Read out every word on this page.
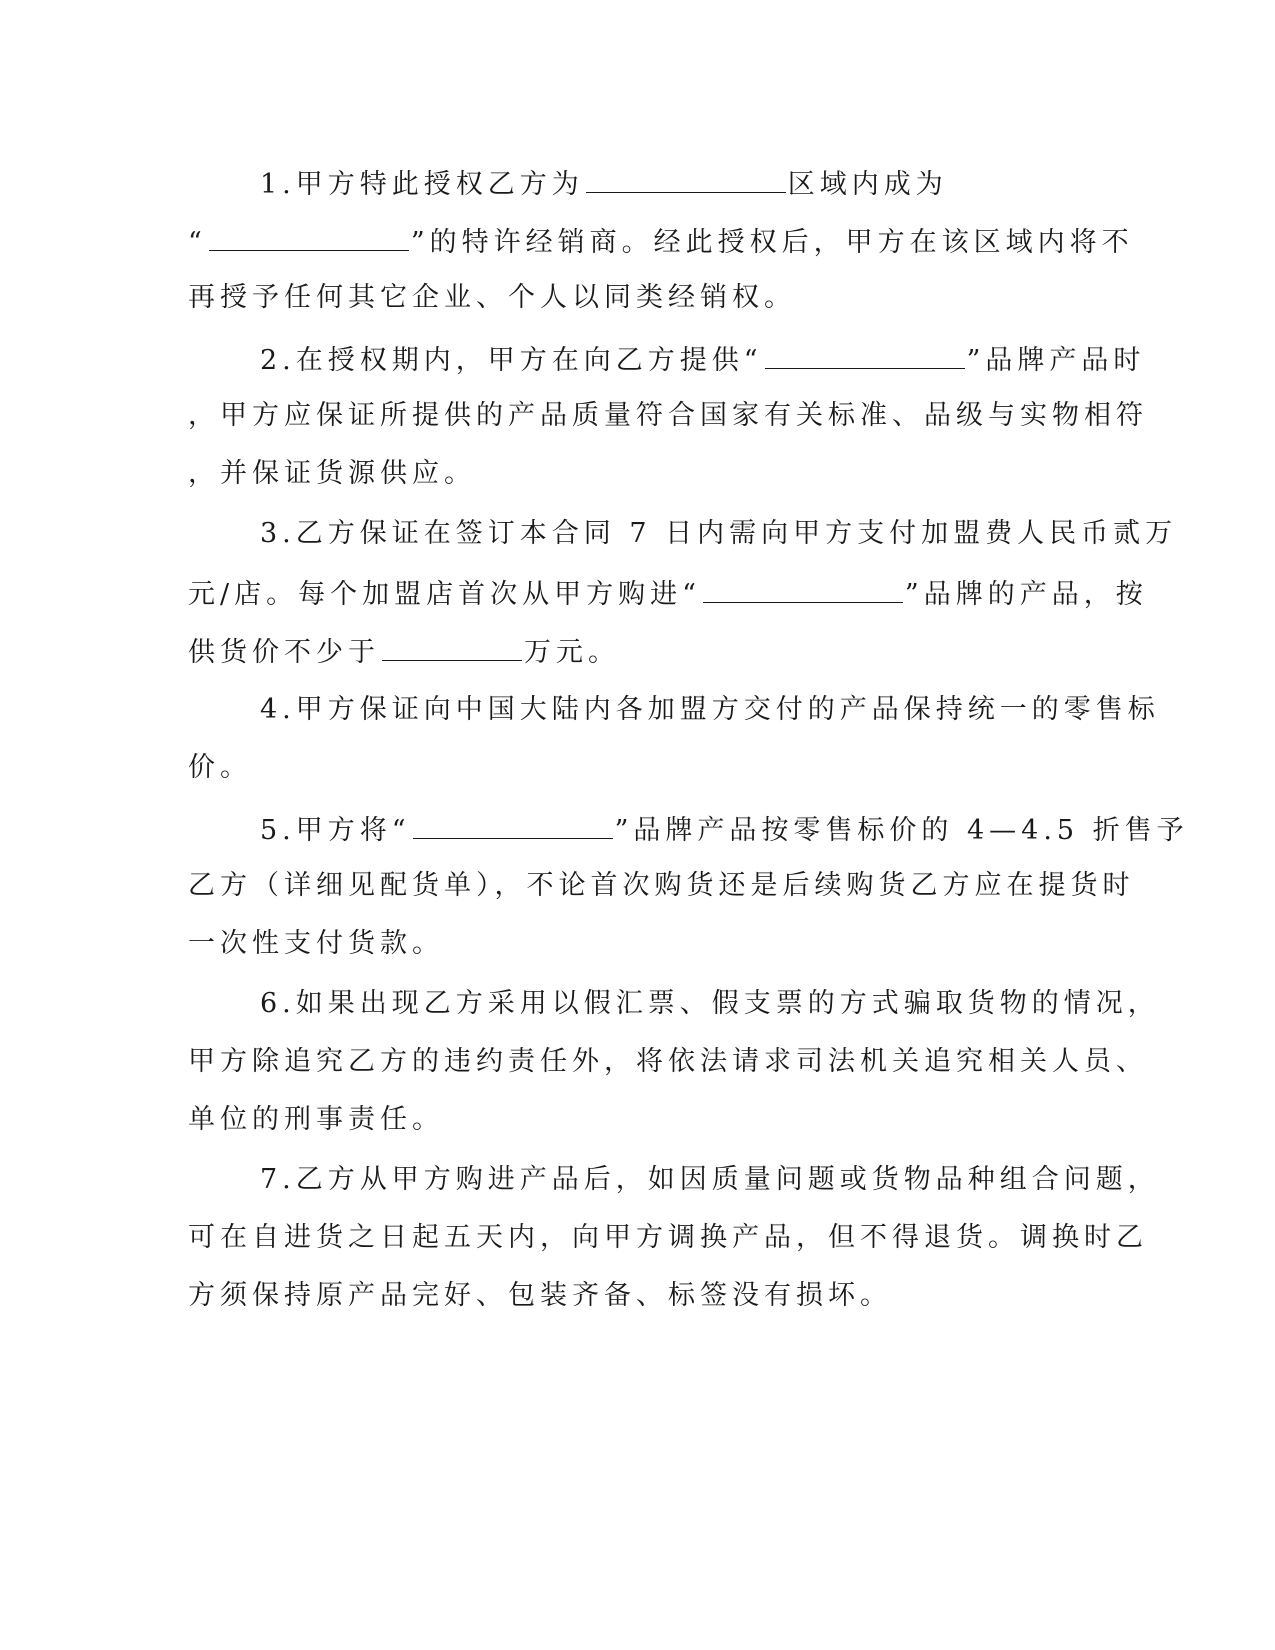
1.甲方特此授权乙方为	区域内成为
“	”的特许经销商。经此授权后，甲方在该区域内将不
再授予任何其它企业、个人以同类经销权。
2.在授权期内，甲方在向乙方提供“	”品牌产品时
，甲方应保证所提供的产品质量符合国家有关标准、品级与实物相符
，并保证货源供应。
3.乙方保证在签订本合同 7 日内需向甲方支付加盟费人民币贰万
元/店。每个加盟店首次从甲方购进“	”品牌的产品，按
供货价不少于	万元。
4.甲方保证向中国大陆内各加盟方交付的产品保持统一的零售标
价。
5.甲方将“	”品牌产品按零售标价的 4—4.5 折售予
乙方（详细见配货单），不论首次购货还是后续购货乙方应在提货时
一次性支付货款。
6.如果出现乙方采用以假汇票、假支票的方式骗取货物的情况，
甲方除追究乙方的违约责任外，将依法请求司法机关追究相关人员、
单位的刑事责任。
7.乙方从甲方购进产品后，如因质量问题或货物品种组合问题，
可在自进货之日起五天内，向甲方调换产品，但不得退货。调换时乙
方须保持原产品完好、包装齐备、标签没有损坏。
